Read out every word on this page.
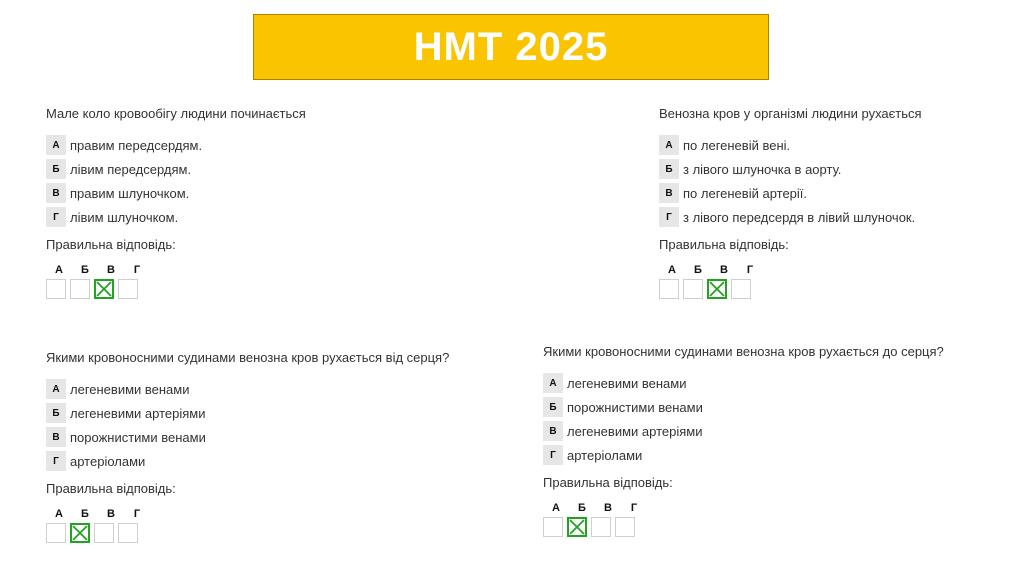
НМТ 2025
Мале коло кровообігу людини починається
А правим передсердям.
Б лівим передсердям.
В правим шлуночком.
Г лівим шлуночком.
Правильна відповідь:
А	Б	В	Г
Венозна кров у організмі людини рухається
А по легеневій вені.
Б з лівого шлуночка в аорту.
В по легеневій артерії.
Г з лівого передсердя в лівий шлуночок.
Правильна відповідь:
А	Б	В	Г
Якими кровоносними судинами венозна кров рухається від серця?
А легеневими венами
Б легеневими артеріями
В порожнистими венами
Г артеріолами
Правильна відповідь:
А	Б	В	Г
Якими кровоносними судинами венозна кров рухається до серця?
А легеневими венами
Б порожнистими венами
В легеневими артеріями
Г артеріолами
Правильна відповідь:
А	Б	В	Г
